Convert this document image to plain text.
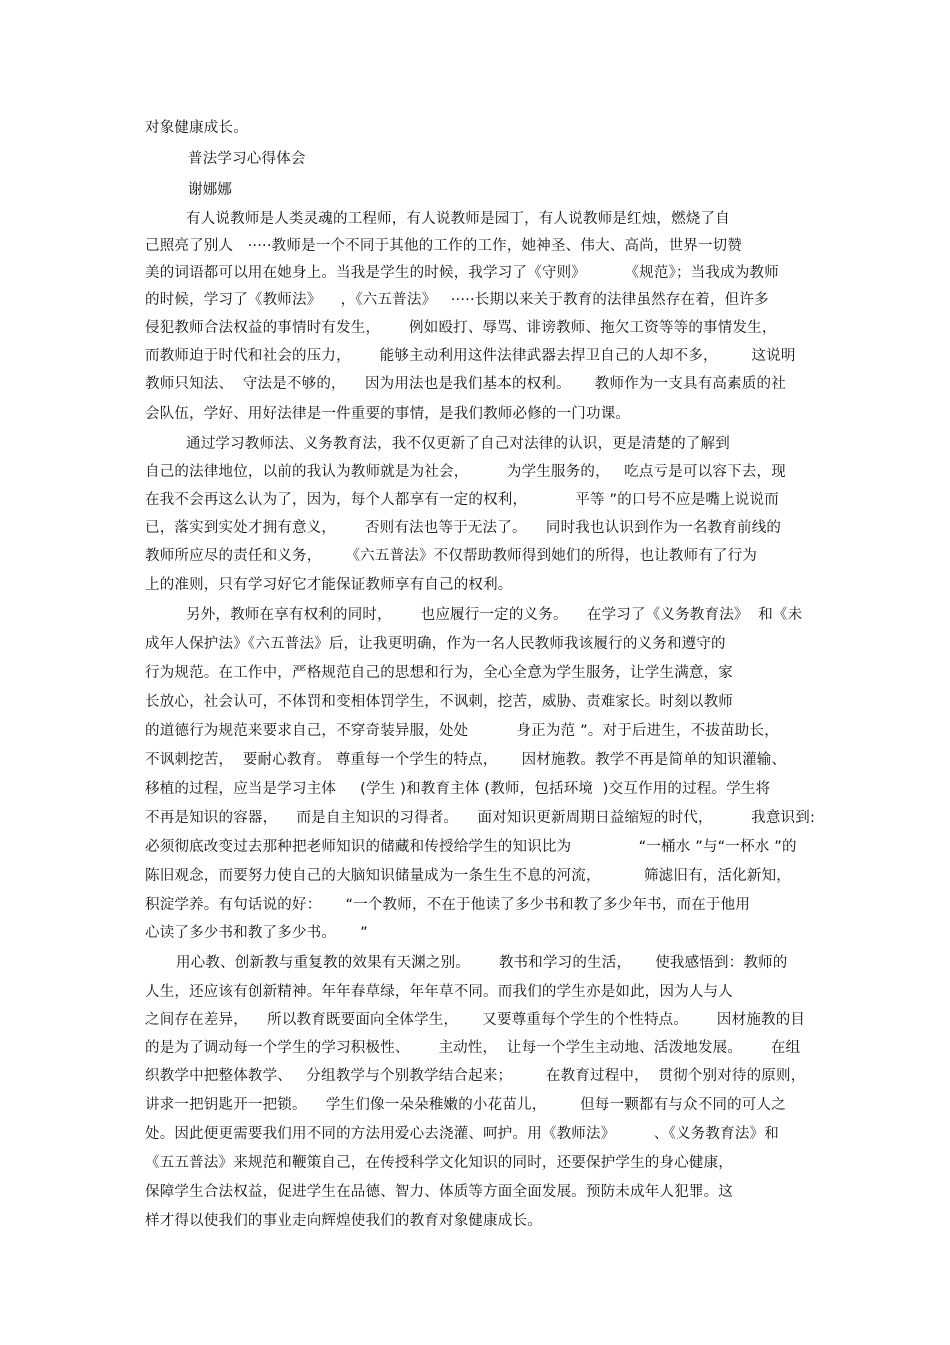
对象健康成长。

普法学习心得体会

谢娜娜

有人说教师是人类灵魂的工程师，有人说教师是园丁，有人说教师是红烛，燃烧了自

己照亮了别人   ·····教师是一个不同于其他的工作的工作，她神圣、伟大、高尚，世界一切赞

美的词语都可以用在她身上。当我是学生的时候，我学习了《守则》        《规范》；当我成为教师

的时候，学习了《教师法》    ，《六五普法》   ·····长期以来关于教育的法律虽然存在着，但许多

侵犯教师合法权益的事情时有发生，      例如殴打、辱骂、诽谤教师、拖欠工资等等的事情发生，

而教师迫于时代和社会的压力，      能够主动利用这件法律武器去捍卫自己的人却不多，       这说明

教师只知法、  守法是不够的，    因为用法也是我们基本的权利。     教师作为一支具有高素质的社

会队伍，学好、用好法律是一件重要的事情，是我们教师必修的一门功课。

通过学习教师法、义务教育法，我不仅更新了自己对法律的认识，更是清楚的了解到

自己的法律地位，以前的我认为教师就是为社会，        为学生服务的，   吃点亏是可以容下去，现

在我不会再这么认为了，因为，每个人都享有一定的权利，          平等 ”的口号不应是嘴上说说而

已，落实到实处才拥有意义，      否则有法也等于无法了。    同时我也认识到作为一名教育前线的

教师所应尽的责任和义务，     《六五普法》不仅帮助教师得到她们的所得，也让教师有了行为

上的准则，只有学习好它才能保证教师享有自己的权利。

另外，教师在享有权利的同时，      也应履行一定的义务。    在学习了《义务教育法》  和《未

成年人保护法》《六五普法》后，让我更明确，作为一名人民教师我该履行的义务和遵守的

行为规范。在工作中，严格规范自己的思想和行为，全心全意为学生服务，让学生满意，家

长放心，社会认可，不体罚和变相体罚学生，不讽刺，挖苦，威胁、责难家长。时刻以教师

的道德行为规范来要求自己，不穿奇装异服，处处          身正为范 ”。对于后进生，不拔苗助长，

不讽刺挖苦，  要耐心教育。 尊重每一个学生的特点，     因材施教。教学不再是简单的知识灌输、

移植的过程，应当是学习主体     (学生 )和教育主体 (教师，包括环境  )交互作用的过程。学生将

不再是知识的容器，    而是自主知识的习得者。    面对知识更新周期日益缩短的时代，        我意识到:

必须彻底改变过去那种把老师知识的储藏和传授给学生的知识比为              “一桶水 ”与“一杯水 ”的

陈旧观念，而要努力使自己的大脑知识储量成为一条生生不息的河流，         筛滤旧有，活化新知，

积淀学养。有句话说的好：     “一个教师，不在于他读了多少书和教了多少年书，而在于他用

心读了多少书和教了多少书。     ”

用心教、创新教与重复教的效果有天渊之别。      教书和学习的生活，     使我感悟到：教师的

人生，还应该有创新精神。年年春草绿，年年草不同。而我们的学生亦是如此，因为人与人

之间存在差异，    所以教育既要面向全体学生，     又要尊重每个学生的个性特点。      因材施教的目

的是为了调动每一个学生的学习积极性、      主动性，  让每一个学生主动地、活泼地发展。      在组

织教学中把整体教学、   分组教学与个别教学结合起来；       在教育过程中，  贯彻个别对待的原则，

讲求一把钥匙开一把锁。    学生们像一朵朵稚嫩的小花苗儿，       但每一颗都有与众不同的可人之

处。因此便更需要我们用不同的方法用爱心去浇灌、呵护。用《教师法》        、《义务教育法》和

《五五普法》来规范和鞭策自己，在传授科学文化知识的同时，还要保护学生的身心健康，

保障学生合法权益，促进学生在品德、智力、体质等方面全面发展。预防未成年人犯罪。这

样才得以使我们的事业走向辉煌使我们的教育对象健康成长。
